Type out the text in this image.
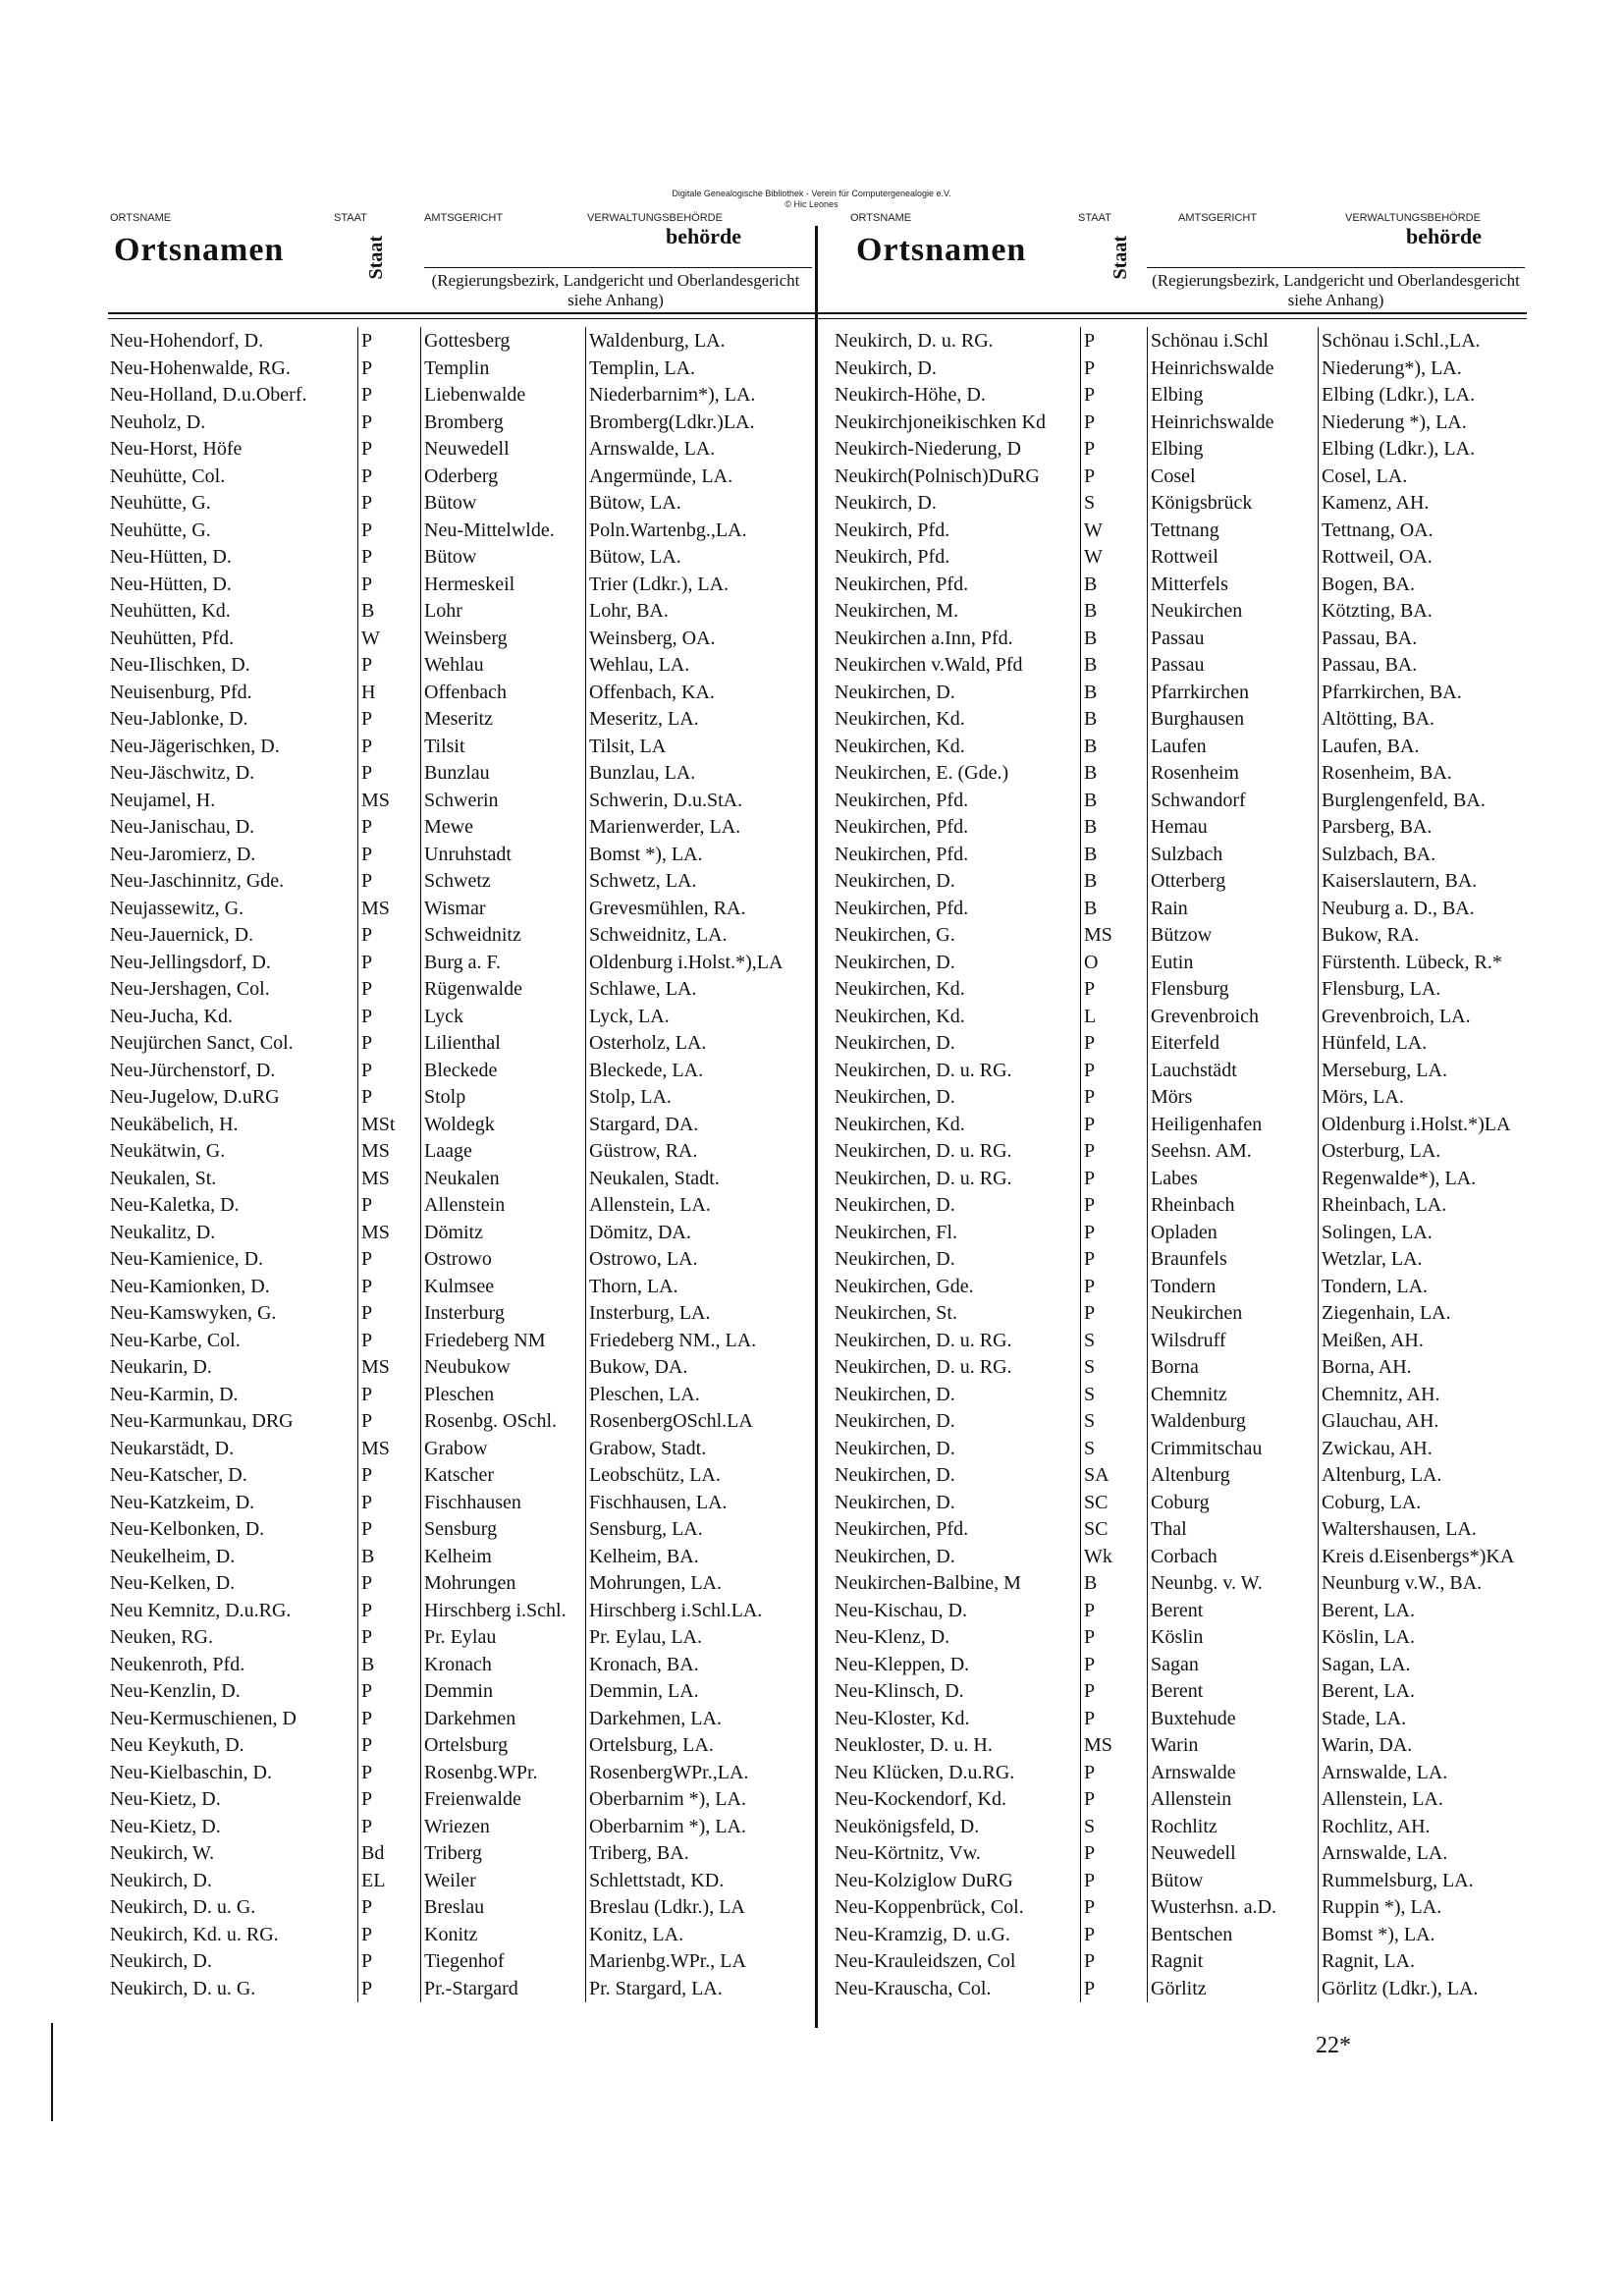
Digitale Genealogische Bibliothek - Verein für Computergenealogie e.V.
© Hic Leones
ORTSNAME	STAAT	AMTSGERICHT	VERWALTUNGSBEHÖRDE	ORTSNAME	STAAT	AMTSGERICHT	VERWALTUNGSBEHÖRDE
Ortsnamen	Staat	behörde
(Regierungsbezirk, Landgericht und Oberlandesgericht siehe Anhang)
Ortsnamen	Staat	behörde
(Regierungsbezirk, Landgericht und Oberlandesgericht siehe Anhang)
Neu-Hohendorf, D.	P	Gottesberg	Waldenburg, LA.
Neu-Hohenwalde, RG.	P	Templin	Templin, LA.
Neu-Holland, D.u.Oberf.	P	Liebenwalde	Niederbarnim*), LA.
Neuholz, D.	P	Bromberg	Bromberg(Ldkr.)LA.
Neu-Horst, Höfe	P	Neuwedell	Arnswalde, LA.
Neuhütte, Col.	P	Oderberg	Angermünde, LA.
Neuhütte, G.	P	Bütow	Bütow, LA.
Neuhütte, G.	P	Neu-Mittelwlde.	Poln.Wartenbg.,LA.
Neu-Hütten, D.	P	Bütow	Bütow, LA.
Neu-Hütten, D.	P	Hermeskeil	Trier (Ldkr.), LA.
Neuhütten, Kd.	B	Lohr	Lohr, BA.
Neuhütten, Pfd.	W	Weinsberg	Weinsberg, OA.
Neu-Ilischken, D.	P	Wehlau	Wehlau, LA.
Neuisenburg, Pfd.	H	Offenbach	Offenbach, KA.
Neu-Jablonke, D.	P	Meseritz	Meseritz, LA.
Neu-Jägerischken, D.	P	Tilsit	Tilsit, LA
Neu-Jäschwitz, D.	P	Bunzlau	Bunzlau, LA.
Neujamel, H.	MS	Schwerin	Schwerin, D.u.StA.
Neu-Janischau, D.	P	Mewe	Marienwerder, LA.
Neu-Jaromierz, D.	P	Unruhstadt	Bomst *), LA.
Neu-Jaschinnitz, Gde.	P	Schwetz	Schwetz, LA.
Neujassewitz, G.	MS	Wismar	Grevesmühlen, RA.
Neu-Jauernick, D.	P	Schweidnitz	Schweidnitz, LA.
Neu-Jellingsdorf, D.	P	Burg a. F.	Oldenburg i.Holst.*),LA
Neu-Jershagen, Col.	P	Rügenwalde	Schlawe, LA.
Neu-Jucha, Kd.	P	Lyck	Lyck, LA.
Neujürchen Sanct, Col.	P	Lilienthal	Osterholz, LA.
Neu-Jürchenstorf, D.	P	Bleckede	Bleckede, LA.
Neu-Jugelow, D.uRG	P	Stolp	Stolp, LA.
Neukäbelich, H.	MSt	Woldegk	Stargard, DA.
Neukätwin, G.	MS	Laage	Güstrow, RA.
Neukalen, St.	MS	Neukalen	Neukalen, Stadt.
Neu-Kaletka, D.	P	Allenstein	Allenstein, LA.
Neukalitz, D.	MS	Dömitz	Dömitz, DA.
Neu-Kamienice, D.	P	Ostrowo	Ostrowo, LA.
Neu-Kamionken, D.	P	Kulmsee	Thorn, LA.
Neu-Kamswyken, G.	P	Insterburg	Insterburg, LA.
Neu-Karbe, Col.	P	Friedeberg NM	Friedeberg NM., LA.
Neukarin, D.	MS	Neubukow	Bukow, DA.
Neu-Karmin, D.	P	Pleschen	Pleschen, LA.
Neu-Karmunkau, DRG	P	Rosenbg. OSchl.	RosenbergOSchl.LA
Neukarstädt, D.	MS	Grabow	Grabow, Stadt.
Neu-Katscher, D.	P	Katscher	Leobschütz, LA.
Neu-Katzkeim, D.	P	Fischhausen	Fischhausen, LA.
Neu-Kelbonken, D.	P	Sensburg	Sensburg, LA.
Neukelheim, D.	B	Kelheim	Kelheim, BA.
Neu-Kelken, D.	P	Mohrungen	Mohrungen, LA.
Neu Kemnitz, D.u.RG.	P	Hirschberg i.Schl.	Hirschberg i.Schl.LA.
Neuken, RG.	P	Pr. Eylau	Pr. Eylau, LA.
Neukenroth, Pfd.	B	Kronach	Kronach, BA.
Neu-Kenzlin, D.	P	Demmin	Demmin, LA.
Neu-Kermuschienen, D	P	Darkehmen	Darkehmen, LA.
Neu Keykuth, D.	P	Ortelsburg	Ortelsburg, LA.
Neu-Kielbaschin, D.	P	Rosenbg.WPr.	RosenbergWPr.,LA.
Neu-Kietz, D.	P	Freienwalde	Oberbarnim *), LA.
Neu-Kietz, D.	P	Wriezen	Oberbarnim *), LA.
Neukirch, W.	Bd	Triberg	Triberg, BA.
Neukirch, D.	EL	Weiler	Schlettstadt, KD.
Neukirch, D. u. G.	P	Breslau	Breslau (Ldkr.), LA
Neukirch, Kd. u. RG.	P	Konitz	Konitz, LA.
Neukirch, D.	P	Tiegenhof	Marienbg.WPr., LA
Neukirch, D. u. G.	P	Pr.-Stargard	Pr. Stargard, LA.
Neukirch, D. u. RG.	P	Schönau i.Schl	Schönau i.Schl.,LA.
Neukirch, D.	P	Heinrichswalde	Niederung*), LA.
Neukirch-Höhe, D.	P	Elbing	Elbing (Ldkr.), LA.
Neukirchjoneikischken Kd	P	Heinrichswalde	Niederung *), LA.
Neukirch-Niederung, D	P	Elbing	Elbing (Ldkr.), LA.
Neukirch(Polnisch)DuRG	P	Cosel	Cosel, LA.
Neukirch, D.	S	Königsbrück	Kamenz, AH.
Neukirch, Pfd.	W	Tettnang	Tettnang, OA.
Neukirch, Pfd.	W	Rottweil	Rottweil, OA.
Neukirchen, Pfd.	B	Mitterfels	Bogen, BA.
Neukirchen, M.	B	Neukirchen	Kötzting, BA.
Neukirchen a.Inn, Pfd.	B	Passau	Passau, BA.
Neukirchen v.Wald, Pfd	B	Passau	Passau, BA.
Neukirchen, D.	B	Pfarrkirchen	Pfarrkirchen, BA.
Neukirchen, Kd.	B	Burghausen	Altötting, BA.
Neukirchen, Kd.	B	Laufen	Laufen, BA.
Neukirchen, E. (Gde.)	B	Rosenheim	Rosenheim, BA.
Neukirchen, Pfd.	B	Schwandorf	Burglengenfeld, BA.
Neukirchen, Pfd.	B	Hemau	Parsberg, BA.
Neukirchen, Pfd.	B	Sulzbach	Sulzbach, BA.
Neukirchen, D.	B	Otterberg	Kaiserslautern, BA.
Neukirchen, Pfd.	B	Rain	Neuburg a. D., BA.
Neukirchen, G.	MS	Bützow	Bukow, RA.
Neukirchen, D.	O	Eutin	Fürstenth. Lübeck, R.*
Neukirchen, Kd.	P	Flensburg	Flensburg, LA.
Neukirchen, Kd.	L	Grevenbroich	Grevenbroich, LA.
Neukirchen, D.	P	Eiterfeld	Hünfeld, LA.
Neukirchen, D. u. RG.	P	Lauchstädt	Merseburg, LA.
Neukirchen, D.	P	Mörs	Mörs, LA.
Neukirchen, Kd.	P	Heiligenhafen	Oldenburg i.Holst.*)LA
Neukirchen, D. u. RG.	P	Seehsn. AM.	Osterburg, LA.
Neukirchen, D. u. RG.	P	Labes	Regenwalde*), LA.
Neukirchen, D.	P	Rheinbach	Rheinbach, LA.
Neukirchen, Fl.	P	Opladen	Solingen, LA.
Neukirchen, D.	P	Braunfels	Wetzlar, LA.
Neukirchen, Gde.	P	Tondern	Tondern, LA.
Neukirchen, St.	P	Neukirchen	Ziegenhain, LA.
Neukirchen, D. u. RG.	S	Wilsdruff	Meißen, AH.
Neukirchen, D. u. RG.	S	Borna	Borna, AH.
Neukirchen, D.	S	Chemnitz	Chemnitz, AH.
Neukirchen, D.	S	Waldenburg	Glauchau, AH.
Neukirchen, D.	S	Crimmitschau	Zwickau, AH.
Neukirchen, D.	SA	Altenburg	Altenburg, LA.
Neukirchen, D.	SC	Coburg	Coburg, LA.
Neukirchen, Pfd.	SC	Thal	Waltershausen, LA.
Neukirchen, D.	Wk	Corbach	Kreis d.Eisenbergs*)KA
Neukirchen-Balbine, M	B	Neunbg. v. W.	Neunburg v.W., BA.
Neu-Kischau, D.	P	Berent	Berent, LA.
Neu-Klenz, D.	P	Köslin	Köslin, LA.
Neu-Kleppen, D.	P	Sagan	Sagan, LA.
Neu-Klinsch, D.	P	Berent	Berent, LA.
Neu-Kloster, Kd.	P	Buxtehude	Stade, LA.
Neukloster, D. u. H.	MS	Warin	Warin, DA.
Neu Klücken, D.u.RG.	P	Arnswalde	Arnswalde, LA.
Neu-Kockendorf, Kd.	P	Allenstein	Allenstein, LA.
Neukönigsfeld, D.	S	Rochlitz	Rochlitz, AH.
Neu-Körtnitz, Vw.	P	Neuwedell	Arnswalde, LA.
Neu-Kolziglow DuRG	P	Bütow	Rummelsburg, LA.
Neu-Koppenbrück, Col.	P	Wusterhsn. a.D.	Ruppin *), LA.
Neu-Kramzig, D. u.G.	P	Bentschen	Bomst *), LA.
Neu-Krauleidszen, Col	P	Ragnit	Ragnit, LA.
Neu-Krauscha, Col.	P	Görlitz	Görlitz (Ldkr.), LA.
22*
